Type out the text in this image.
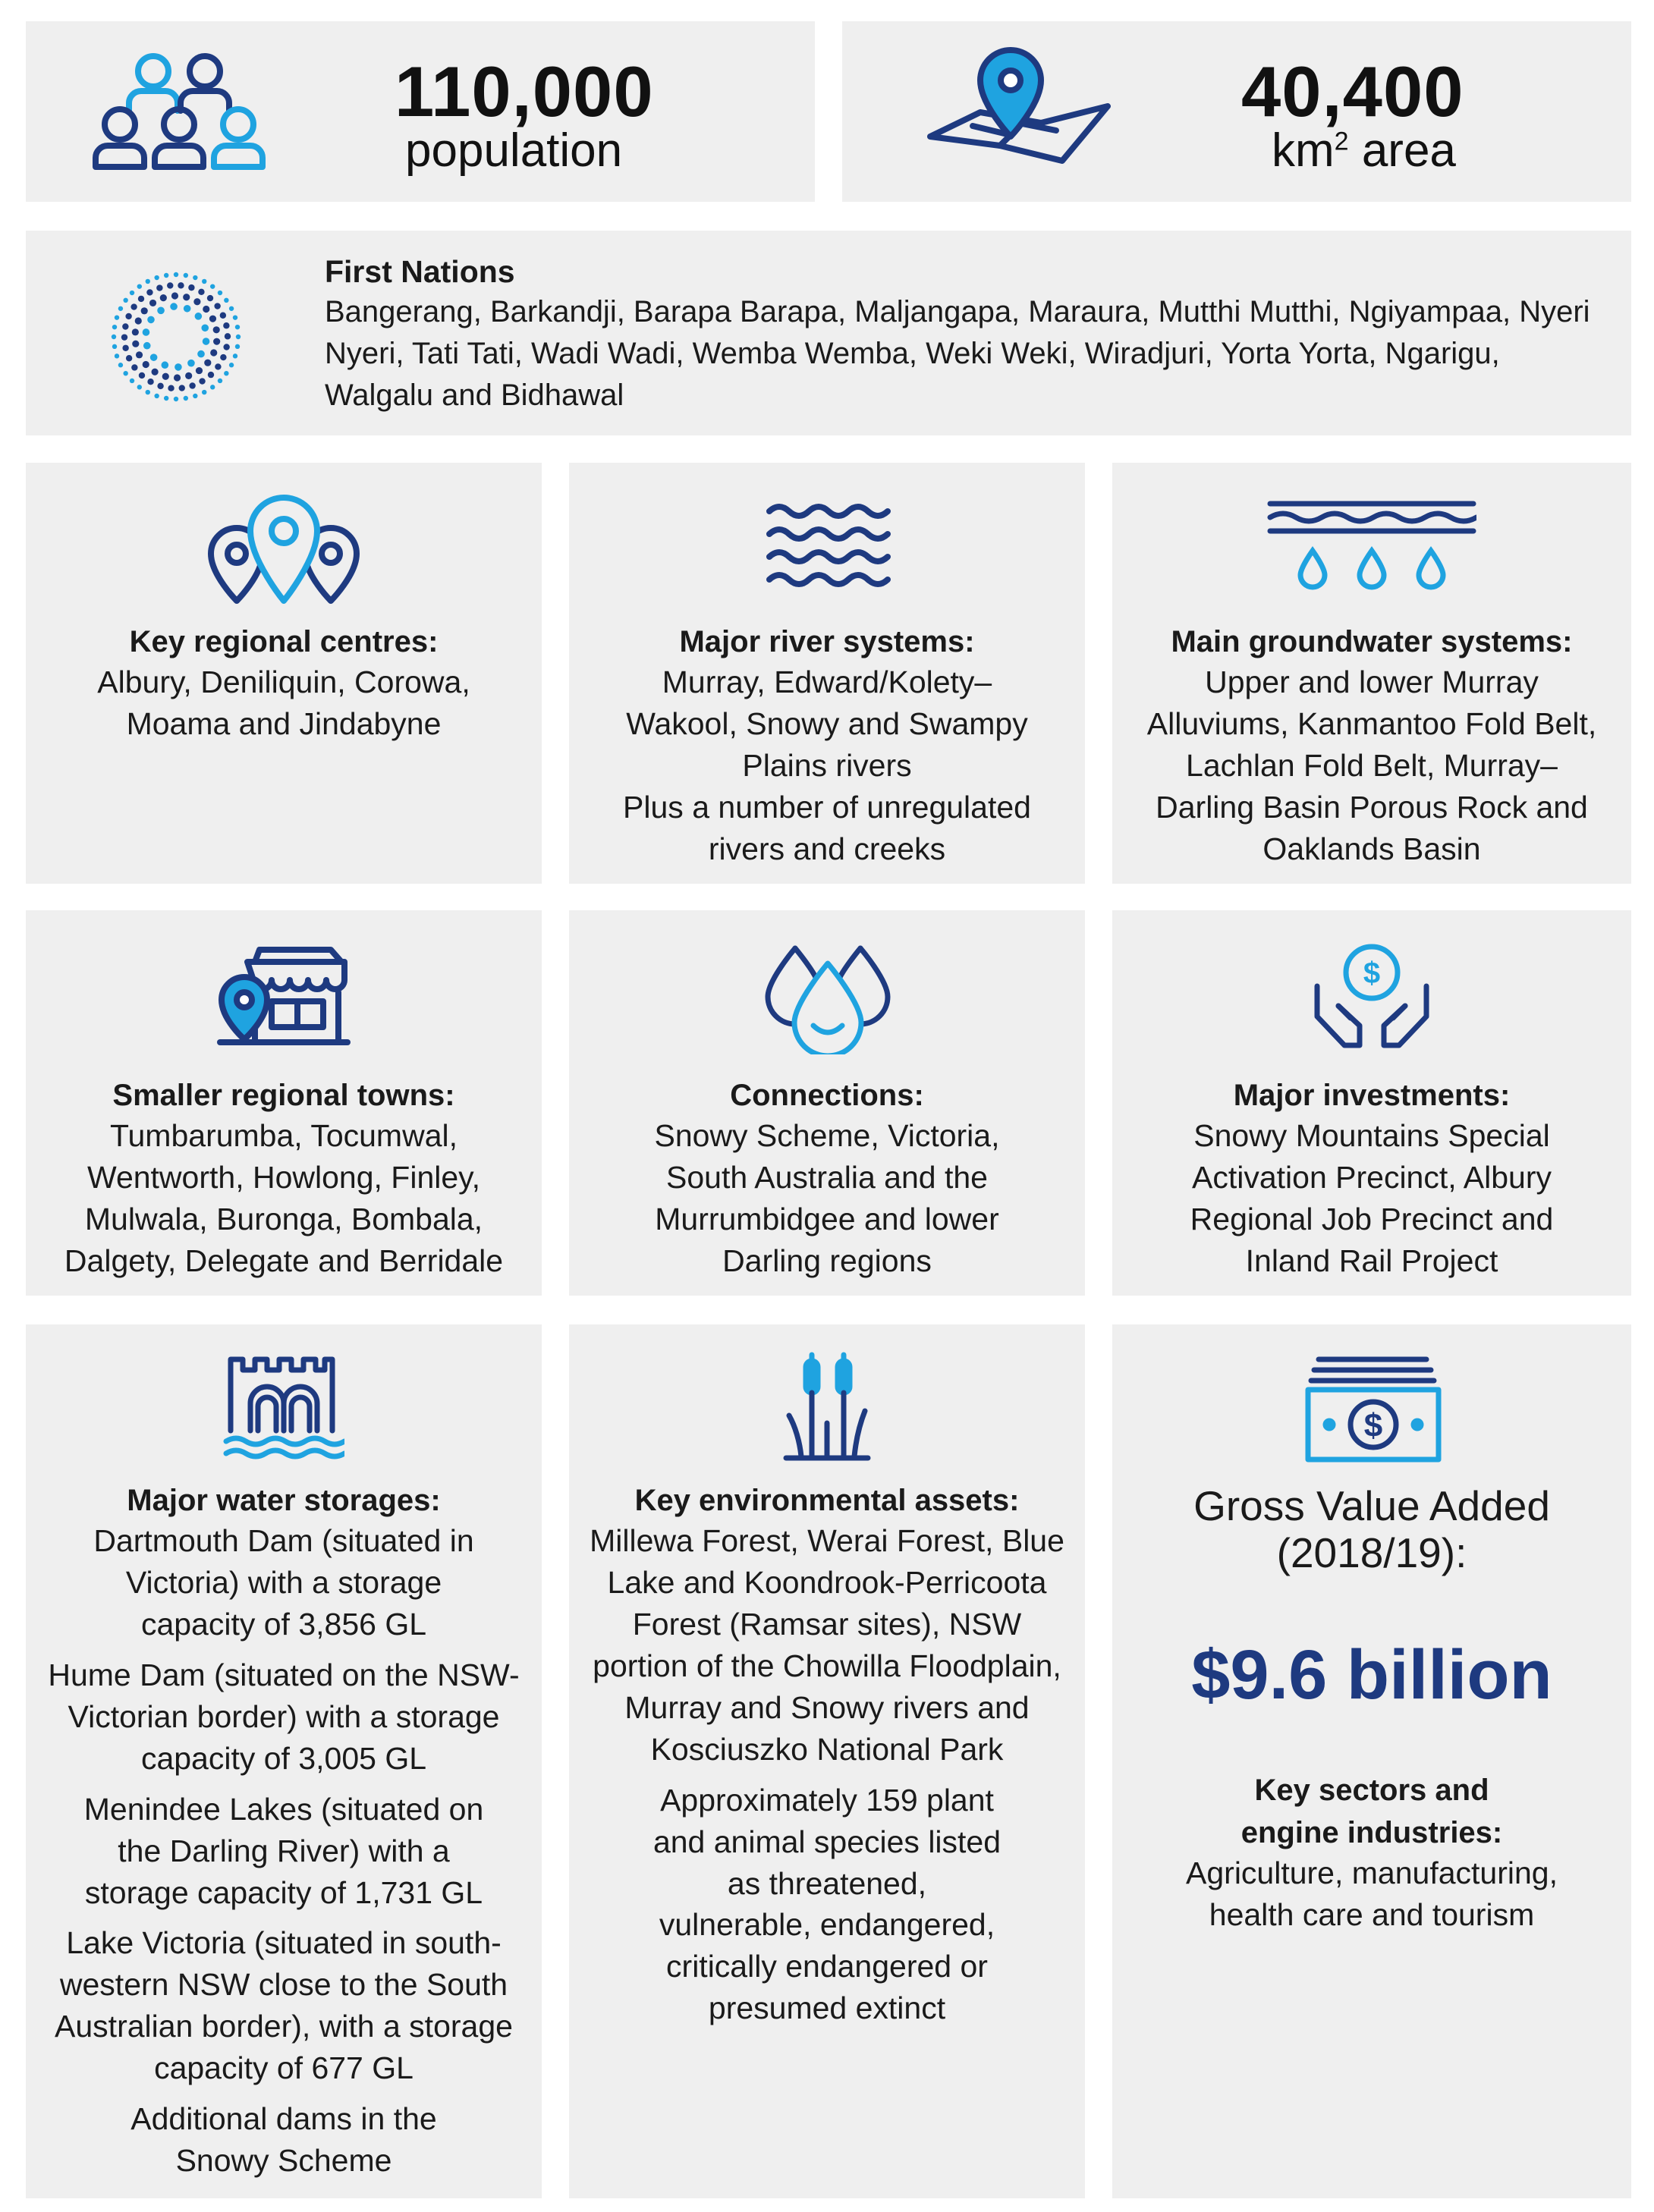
110,000
population
40,400
$km^2$ area
First Nations
Bangerang, Barkandji, Barapa Barapa, Maljangapa, Maraura, Mutthi Mutthi, Ngiyampaa, Nyeri Nyeri, Tati Tati, Wadi Wadi, Wemba Wemba, Weki Weki, Wiradjuri, Yorta Yorta, Ngarigu, Walgalu and Bidhawal
Key regional centres:
Albury, Deniliquin, Corowa, Moama and Jindabyne
Major river systems:
Murray, Edward/Kolety–Wakool, Snowy and Swampy Plains rivers
Plus a number of unregulated rivers and creeks
Main groundwater systems:
Upper and lower Murray Alluviums, Kanmantoo Fold Belt, Lachlan Fold Belt, Murray–Darling Basin Porous Rock and Oaklands Basin
Smaller regional towns:
Tumbarumba, Tocumwal, Wentworth, Howlong, Finley, Mulwala, Buronga, Bombala, Dalgety, Delegate and Berridale
Connections:
Snowy Scheme, Victoria, South Australia and the Murrumbidgee and lower Darling regions
$
Major investments:
Snowy Mountains Special Activation Precinct, Albury Regional Job Precinct and Inland Rail Project
Major water storages:
Dartmouth Dam (situated in Victoria) with a storage capacity of 3,856 GL
Hume Dam (situated on the NSW-Victorian border) with a storage capacity of 3,005 GL
Menindee Lakes (situated on the Darling River) with a storage capacity of 1,731 GL
Lake Victoria (situated in south-western NSW close to the South Australian border), with a storage capacity of 677 GL
Additional dams in the Snowy Scheme
Key environmental assets:
Millewa Forest, Werai Forest, Blue Lake and Koondrook-Perricoota Forest (Ramsar sites), NSW portion of the Chowilla Floodplain, Murray and Snowy rivers and Kosciuszko National Park
Approximately 159 plant and animal species listed as threatened, vulnerable, endangered, critically endangered or presumed extinct
$
Gross Value Added (2018/19):
$9.6 billion
Key sectors and engine industries:
Agriculture, manufacturing, health care and tourism
